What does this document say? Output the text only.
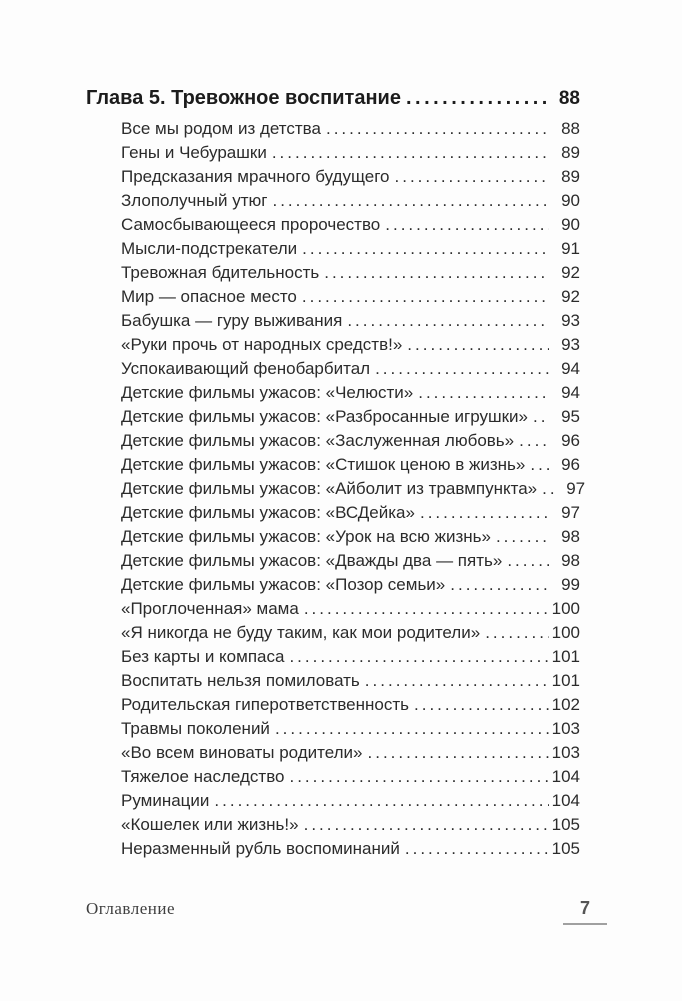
Глава 5. Тревожное воспитание .....	88
Все мы родом из детства .....	88
Гены и Чебурашки .....	89
Предсказания мрачного будущего .....	89
Злополучный утюг .....	90
Самосбывающееся пророчество .....	90
Мысли-подстрекатели .....	91
Тревожная бдительность .....	92
Мир — опасное место .....	92
Бабушка — гуру выживания .....	93
«Руки прочь от народных средств!» .....	93
Успокаивающий фенобарбитал .....	94
Детские фильмы ужасов: «Челюсти» .....	94
Детские фильмы ужасов: «Разбросанные игрушки» .....	95
Детские фильмы ужасов: «Заслуженная любовь» .....	96
Детские фильмы ужасов: «Стишок ценою в жизнь» .....	96
Детские фильмы ужасов: «Айболит из травмпункта» .....	97
Детские фильмы ужасов: «ВСДейка» .....	97
Детские фильмы ужасов: «Урок на всю жизнь» .....	98
Детские фильмы ужасов: «Дважды два — пять» .....	98
Детские фильмы ужасов: «Позор семьи» .....	99
«Проглоченная» мама .....	100
«Я никогда не буду таким, как мои родители» .....	100
Без карты и компаса .....	101
Воспитать нельзя помиловать .....	101
Родительская гиперответственность .....	102
Травмы поколений .....	103
«Во всем виноваты родители» .....	103
Тяжелое наследство .....	104
Руминации .....	104
«Кошелек или жизнь!» .....	105
Неразменный рубль воспоминаний .....	105
Оглавление	7
